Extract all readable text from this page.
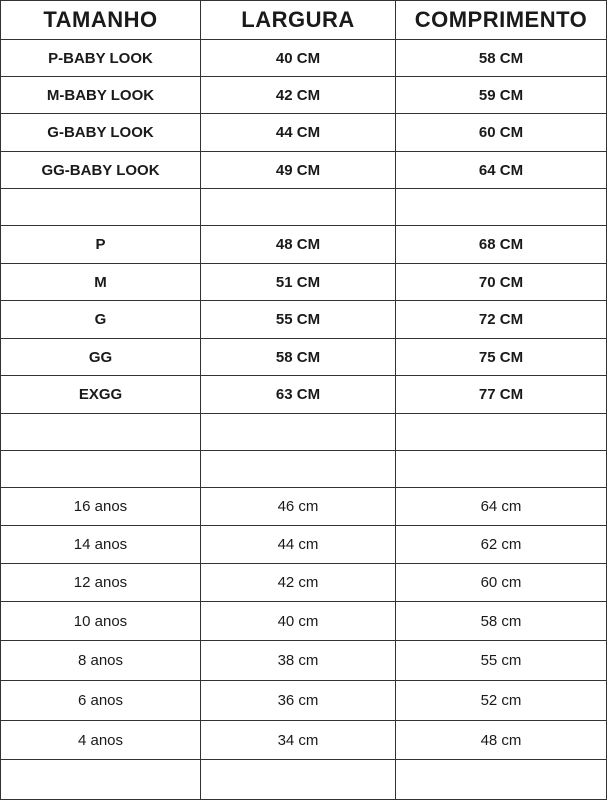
TAMANHO	LARGURA	COMPRIMENTO
P-BABY LOOK	40 CM	58 CM
M-BABY LOOK	42 CM	59 CM
G-BABY LOOK	44 CM	60 CM
GG-BABY LOOK	49 CM	64 CM

P	48 CM	68 CM
M	51 CM	70 CM
G	55 CM	72 CM
GG	58 CM	75 CM
EXGG	63 CM	77 CM

16 anos	46 cm	64 cm
14 anos	44 cm	62 cm
12 anos	42 cm	60 cm
10 anos	40 cm	58 cm
8 anos	38 cm	55 cm
6 anos	36 cm	52 cm
4 anos	34 cm	48 cm
